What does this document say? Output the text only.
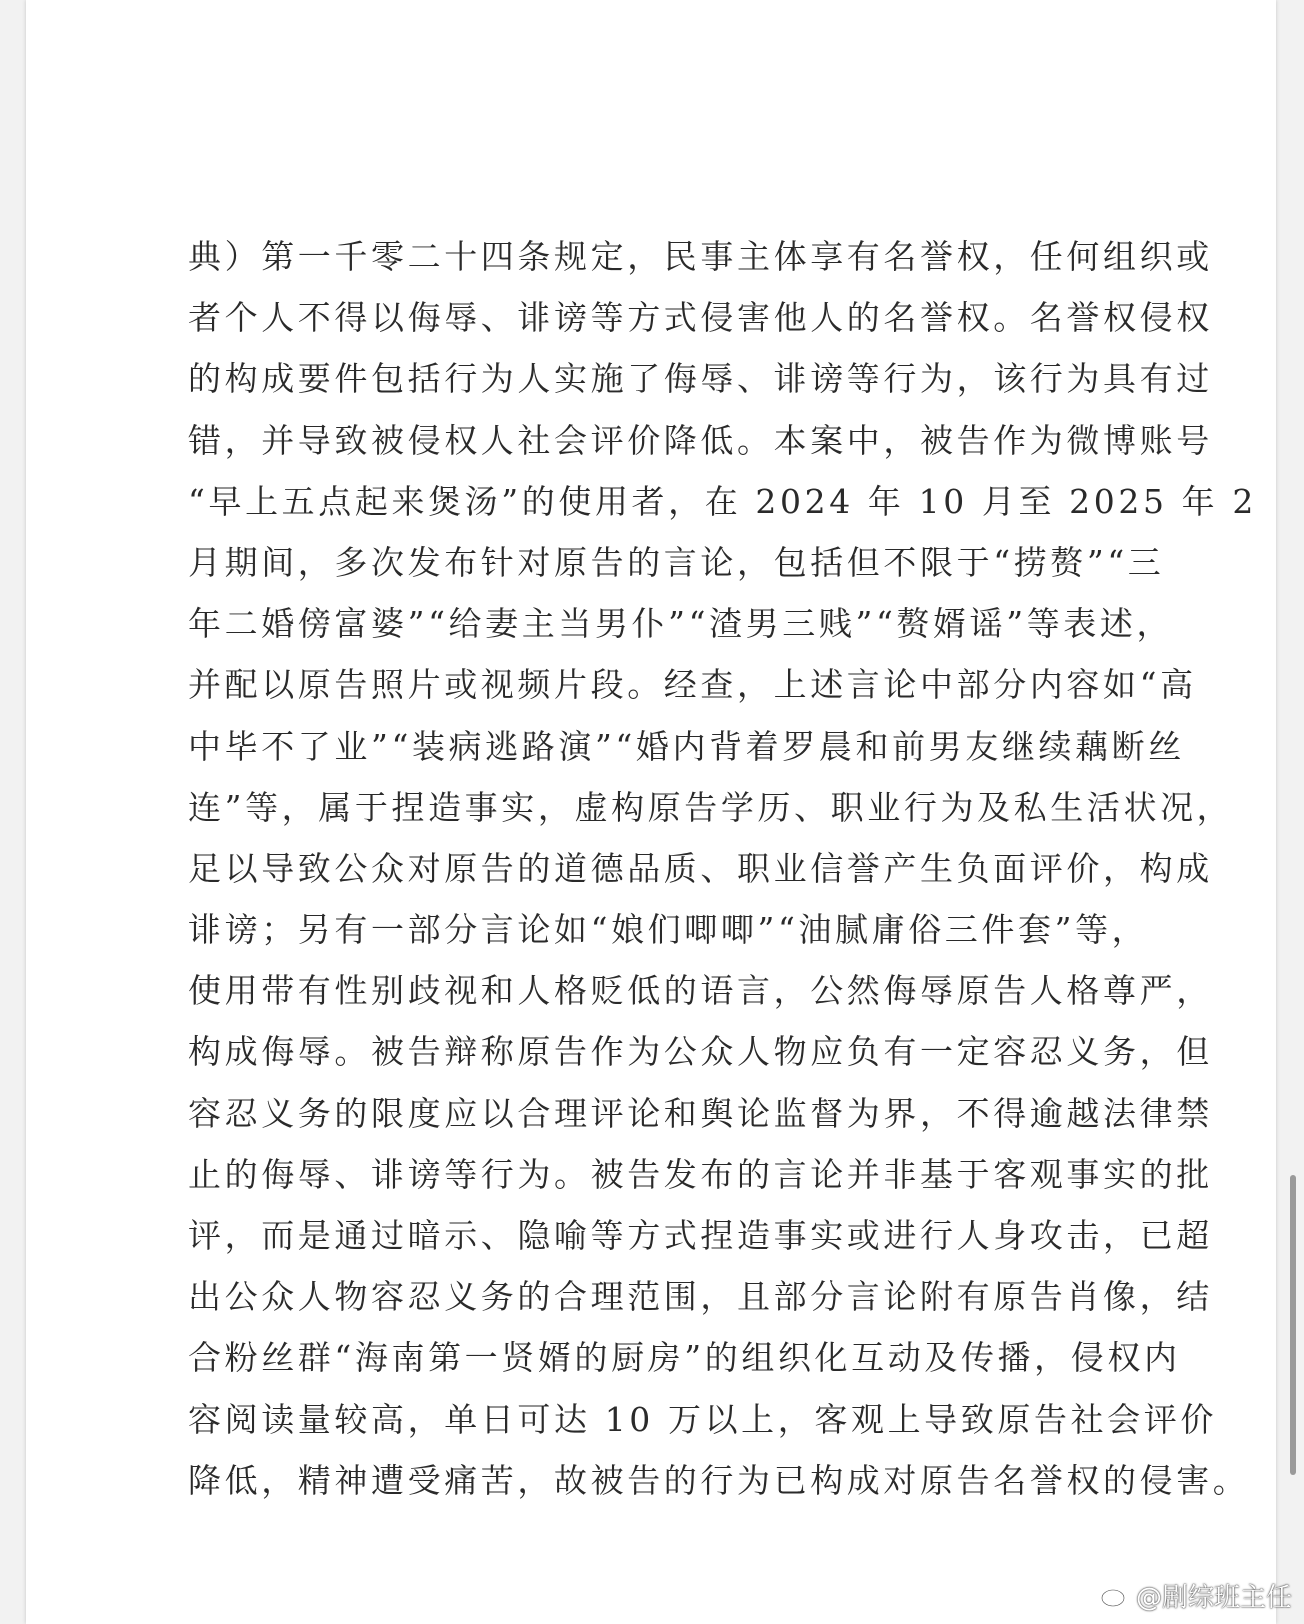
典）第一千零二十四条规定，民事主体享有名誉权，任何组织或
者个人不得以侮辱、诽谤等方式侵害他人的名誉权。名誉权侵权
的构成要件包括行为人实施了侮辱、诽谤等行为，该行为具有过
错，并导致被侵权人社会评价降低。本案中，被告作为微博账号
“早上五点起来煲汤”的使用者，在 2024 年 10 月至 2025 年 2
月期间，多次发布针对原告的言论，包括但不限于“捞赘”“三
年二婚傍富婆”“给妻主当男仆”“渣男三贱”“赘婿谣”等表述，
并配以原告照片或视频片段。经查，上述言论中部分内容如“高
中毕不了业”“装病逃路演”“婚内背着罗晨和前男友继续藕断丝
连”等，属于捏造事实，虚构原告学历、职业行为及私生活状况，
足以导致公众对原告的道德品质、职业信誉产生负面评价，构成
诽谤；另有一部分言论如“娘们唧唧”“油腻庸俗三件套”等，
使用带有性别歧视和人格贬低的语言，公然侮辱原告人格尊严，
构成侮辱。被告辩称原告作为公众人物应负有一定容忍义务，但
容忍义务的限度应以合理评论和舆论监督为界，不得逾越法律禁
止的侮辱、诽谤等行为。被告发布的言论并非基于客观事实的批
评，而是通过暗示、隐喻等方式捏造事实或进行人身攻击，已超
出公众人物容忍义务的合理范围，且部分言论附有原告肖像，结
合粉丝群“海南第一贤婿的厨房”的组织化互动及传播，侵权内
容阅读量较高，单日可达 10 万以上，客观上导致原告社会评价
降低，精神遭受痛苦，故被告的行为已构成对原告名誉权的侵害。

@剧综班主任
